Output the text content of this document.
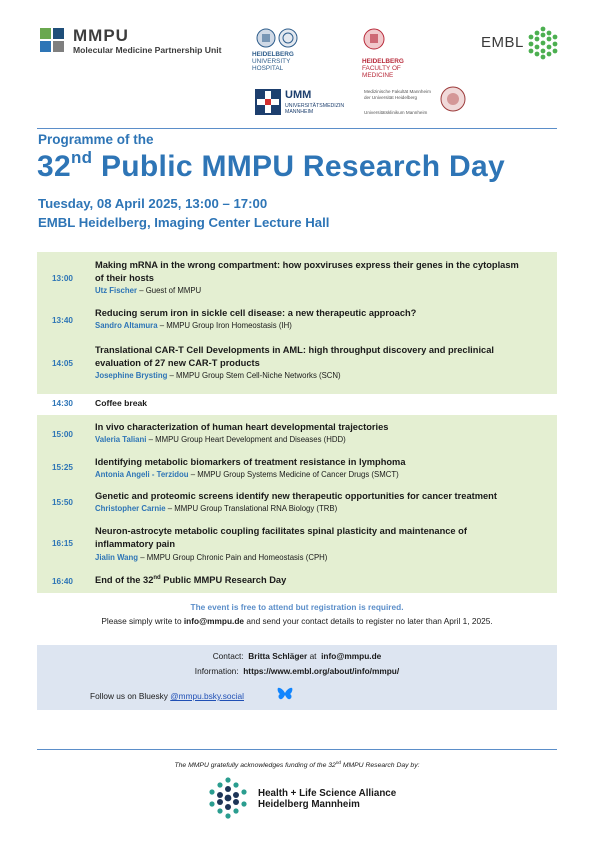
MMPU
Molecular Medicine Partnership Unit	HEIDELBERG
UNIVERSITY
HOSPITAL
HEIDELBERG
FACULTY OF
MEDICINE
EMBL
UMM
UNIVERSITÄTSMEDIZIN
MANNHEIM
Medizinische Fakultät Mannheim
der Universität Heidelberg
Universitätsklinikum Mannheim
Programme of the
32nd Public MMPU Research Day
Tuesday, 08 April 2025, 13:00 – 17:00
EMBL Heidelberg, Imaging Center Lecture Hall
13:00
Making mRNA in the wrong compartment: how poxviruses express their genes in the cytoplasm of their hosts
Utz Fischer – Guest of MMPU
13:40
Reducing serum iron in sickle cell disease: a new therapeutic approach?
Sandro Altamura – MMPU Group Iron Homeostasis (IH)
14:05
Translational CAR-T Cell Developments in AML: high throughput discovery and preclinical evaluation of 27 new CAR-T products
Josephine Brysting – MMPU Group Stem Cell-Niche Networks (SCN)
14:30	Coffee break
15:00
In vivo characterization of human heart developmental trajectories
Valeria Taliani – MMPU Group Heart Development and Diseases (HDD)
15:25
Identifying metabolic biomarkers of treatment resistance in lymphoma
Antonia Angeli - Terzidou – MMPU Group Systems Medicine of Cancer Drugs (SMCT)
15:50
Genetic and proteomic screens identify new therapeutic opportunities for cancer treatment
Christopher Carnie – MMPU Group Translational RNA Biology (TRB)
16:15
Neuron-astrocyte metabolic coupling facilitates spinal plasticity and maintenance of inflammatory pain
Jialin Wang – MMPU Group Chronic Pain and Homeostasis (CPH)
16:40 End of the 32nd Public MMPU Research Day
The event is free to attend but registration is required.
Please simply write to info@mmpu.de and send your contact details to register no later than April 1, 2025.
Contact: Britta Schläger at info@mmpu.de
Information: https://www.embl.org/about/info/mmpu/
Follow us on Bluesky @mmpu.bsky.social
The MMPU gratefully acknowledges funding of the 32nd MMPU Research Day by:
Health + Life Science Alliance
Heidelberg Mannheim
